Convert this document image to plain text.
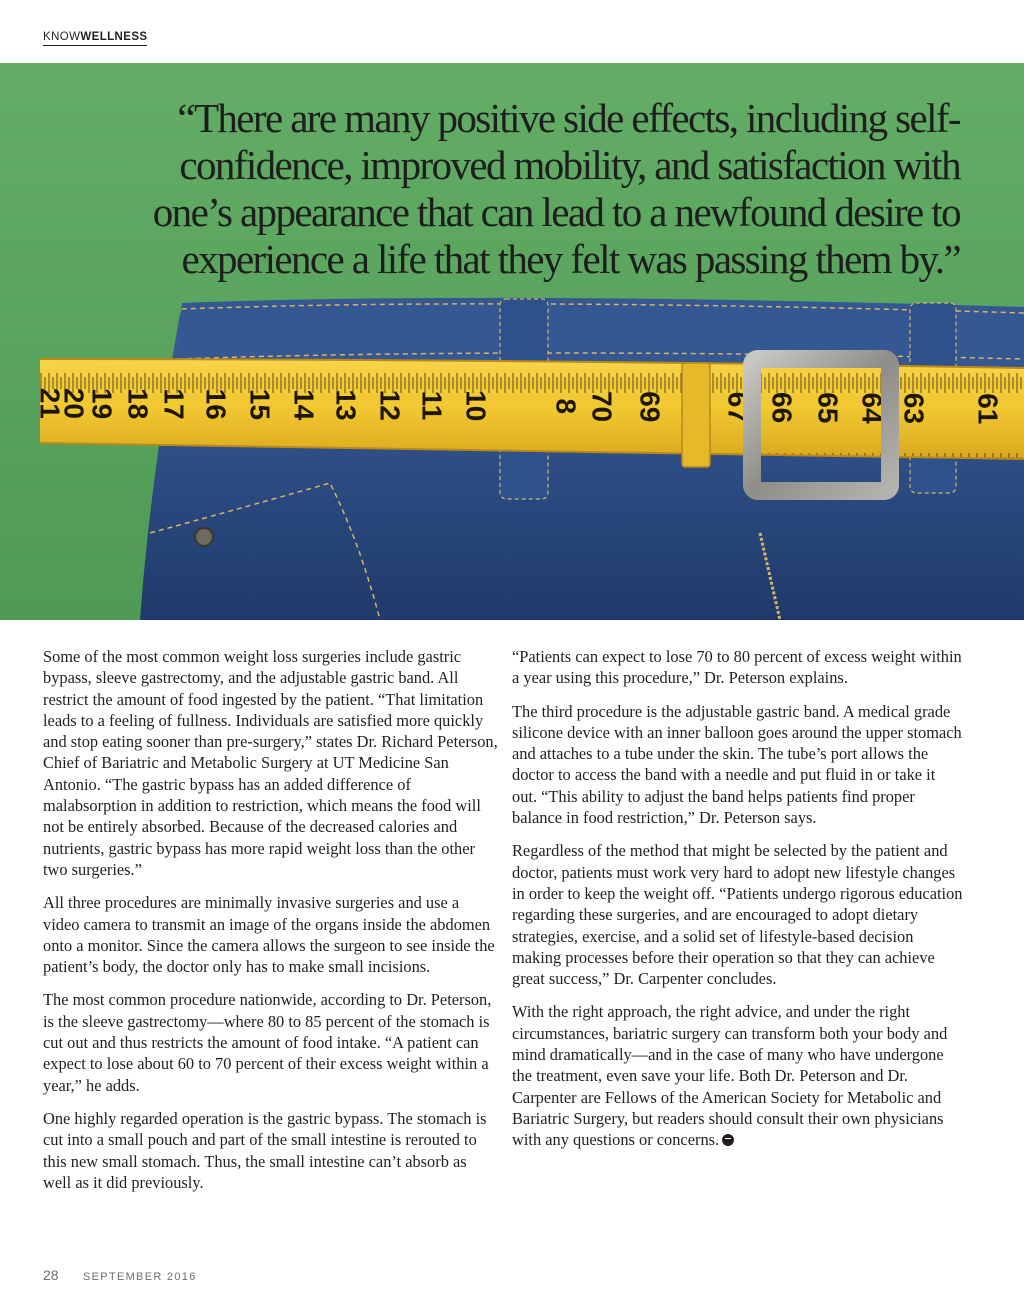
KNOWWELLNESS
21
20
19 18 17 16 15 14 13 12 11 10 8 70 69 67 66 65 64 63 61
“There are many positive side effects, including self-confidence, improved mobility, and satisfaction with one’s appearance that can lead to a newfound desire to experience a life that they felt was passing them by.”

Some of the most common weight loss surgeries include gastric bypass, sleeve gastrectomy, and the adjustable gastric band. All restrict the amount of food ingested by the patient. “That limitation leads to a feeling of fullness. Individuals are satisfied more quickly and stop eating sooner than pre-surgery,” states Dr. Richard Peterson, Chief of Bariatric and Metabolic Surgery at UT Medicine San Antonio. “The gastric bypass has an added difference of malabsorption in addition to restriction, which means the food will not be entirely absorbed. Because of the decreased calories and nutrients, gastric bypass has more rapid weight loss than the other two surgeries.”

All three procedures are minimally invasive surgeries and use a video camera to transmit an image of the organs inside the abdomen onto a monitor. Since the camera allows the surgeon to see inside the patient’s body, the doctor only has to make small incisions.

The most common procedure nationwide, according to Dr. Peterson, is the sleeve gastrectomy—where 80 to 85 percent of the stomach is cut out and thus restricts the amount of food intake. “A patient can expect to lose about 60 to 70 percent of their excess weight within a year,” he adds.

One highly regarded operation is the gastric bypass. The stomach is cut into a small pouch and part of the small intestine is rerouted to this new small stomach. Thus, the small intestine can’t absorb as well as it did previously.

“Patients can expect to lose 70 to 80 percent of excess weight within a year using this procedure,” Dr. Peterson explains.

The third procedure is the adjustable gastric band. A medical grade silicone device with an inner balloon goes around the upper stomach and attaches to a tube under the skin. The tube’s port allows the doctor to access the band with a needle and put fluid in or take it out. “This ability to adjust the band helps patients find proper balance in food restriction,” Dr. Peterson says.

Regardless of the method that might be selected by the patient and doctor, patients must work very hard to adopt new lifestyle changes in order to keep the weight off. “Patients undergo rigorous education regarding these surgeries, and are encouraged to adopt dietary strategies, exercise, and a solid set of lifestyle-based decision making processes before their operation so that they can achieve great success,” Dr. Carpenter concludes.

With the right approach, the right advice, and under the right circumstances, bariatric surgery can transform both your body and mind dramatically—and in the case of many who have undergone the treatment, even save your life. Both Dr. Peterson and Dr. Carpenter are Fellows of the American Society for Metabolic and Bariatric Surgery, but readers should consult their own physicians with any questions or concerns.

28 SEPTEMBER 2016
